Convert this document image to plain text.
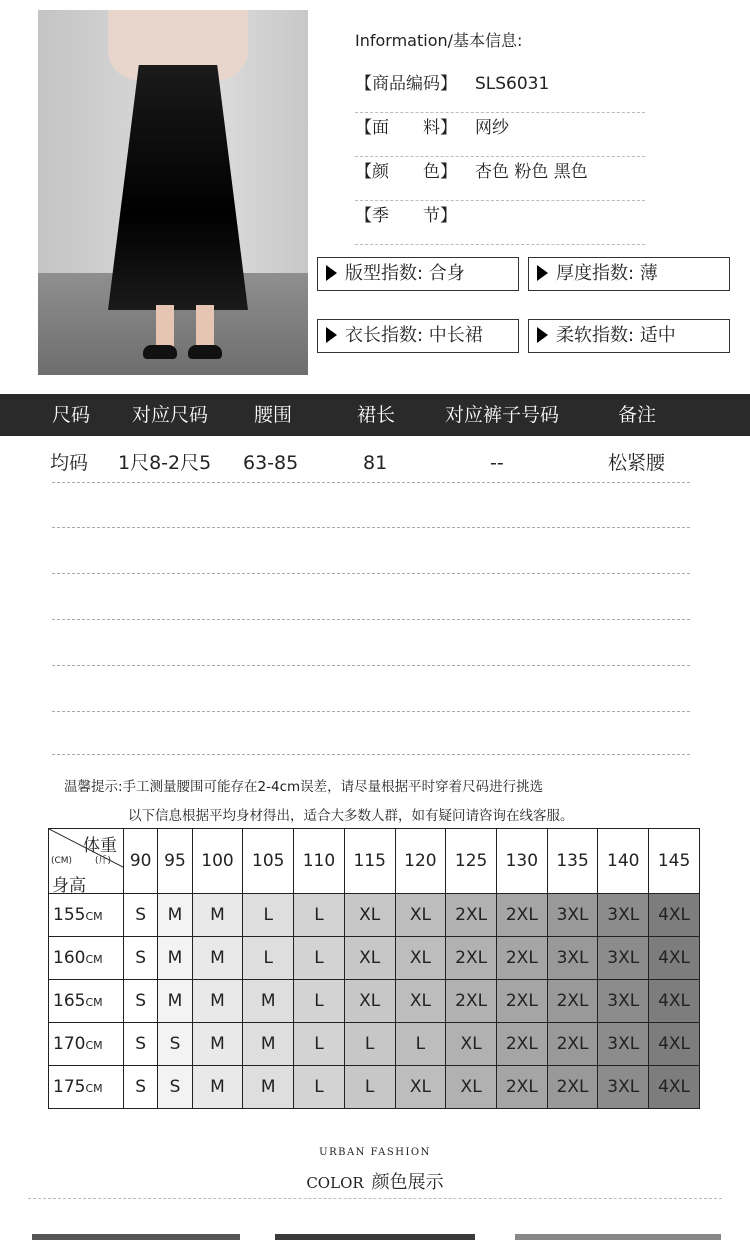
Information/基本信息:
【商品编码】 SLS6031
【面　　料】 网纱
【颜　　色】 杏色 粉色 黑色
【季　　节】
版型指数: 合身	厚度指数: 薄
衣长指数: 中长裙	柔软指数: 适中
尺码 对应尺码 腰围	裙长	对应裤子号码	备注
均码 1尺8-2尺5 63-85	81	--	松紧腰
温馨提示:手工测量腰围可能存在2-4cm误差，请尽量根据平时穿着尺码进行挑选
以下信息根据平均身材得出，适合大多数人群，如有疑问请咨询在线客服。
体重
(CM) (斤)
身高	90	95	100	105	110	115	120	125	130	135	140	145
155CM	S	M	M	L	L	XL	XL	2XL	2XL	3XL	3XL	4XL
160CM	S	M	M	L	L	XL	XL	2XL	2XL	3XL	3XL	4XL
165CM	S	M	M	M	L	XL	XL	2XL	2XL	2XL	3XL	4XL
170CM	S	S	M	M	L	L	L	XL	2XL	2XL	3XL	4XL
175CM	S	S	M	M	L	L	XL	XL	2XL	2XL	3XL	4XL
URBAN FASHION
COLOR 颜色展示
